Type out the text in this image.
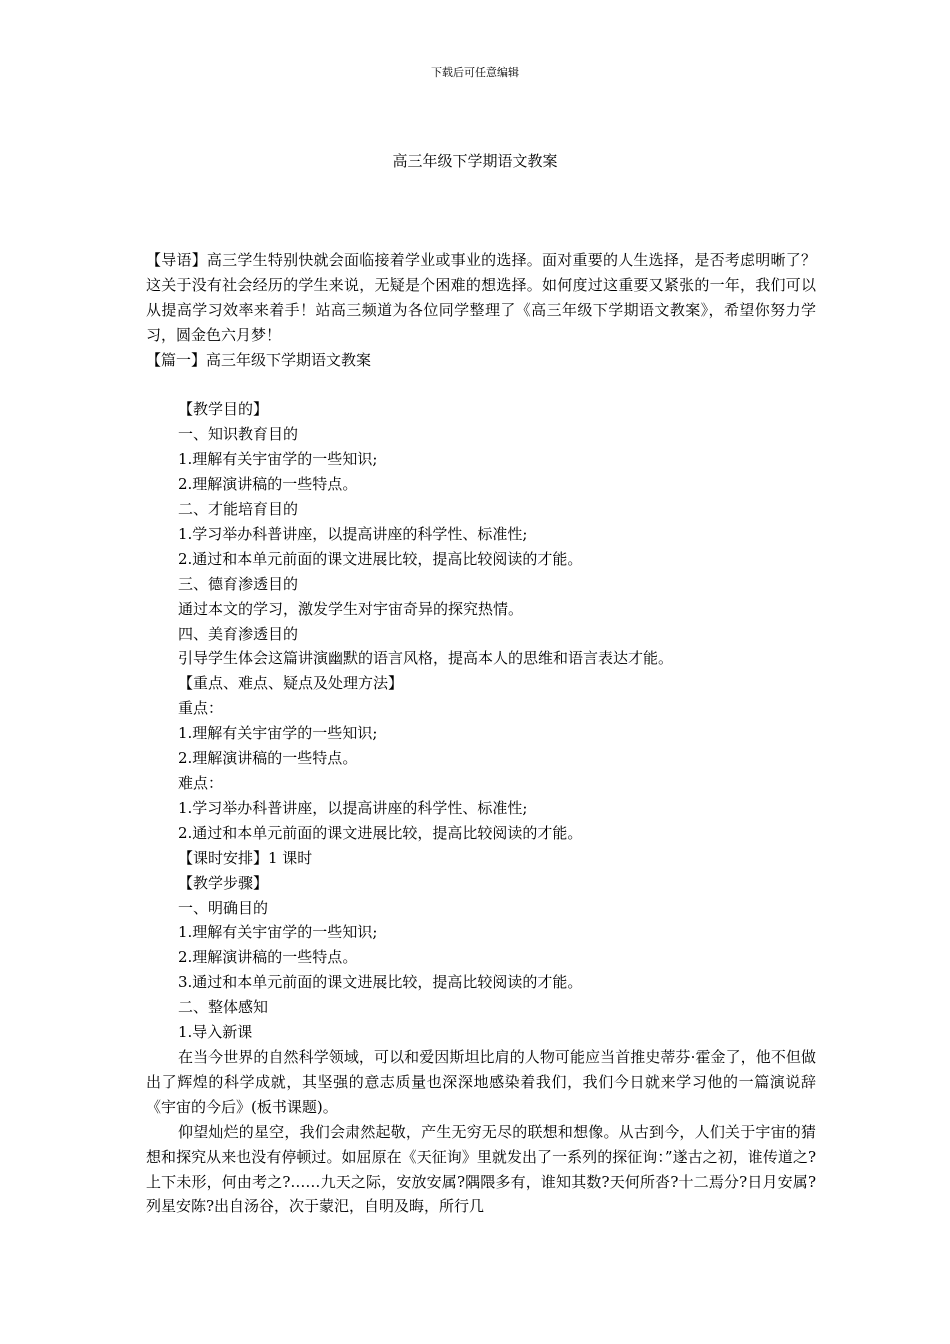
下载后可任意编辑
高三年级下学期语文教案

【导语】高三学生特别快就会面临接着学业或事业的选择。面对重要的人生选择，是否考虑明晰了？这关于没有社会经历的学生来说，无疑是个困难的想选择。如何度过这重要又紧张的一年，我们可以从提高学习效率来着手！站高三频道为各位同学整理了《高三年级下学期语文教案》，希望你努力学习，圆金色六月梦！

【篇一】高三年级下学期语文教案

【教学目的】

一、知识教育目的

1.理解有关宇宙学的一些知识;

2.理解演讲稿的一些特点。

二、才能培育目的

1.学习举办科普讲座，以提高讲座的科学性、标准性;

2.通过和本单元前面的课文进展比较，提高比较阅读的才能。

三、德育渗透目的

通过本文的学习，激发学生对宇宙奇异的探究热情。

四、美育渗透目的

引导学生体会这篇讲演幽默的语言风格，提高本人的思维和语言表达才能。

【重点、难点、疑点及处理方法】

重点：

1.理解有关宇宙学的一些知识;

2.理解演讲稿的一些特点。

难点：

1.学习举办科普讲座，以提高讲座的科学性、标准性;

2.通过和本单元前面的课文进展比较，提高比较阅读的才能。

【课时安排】1 课时

【教学步骤】

一、明确目的

1.理解有关宇宙学的一些知识;

2.理解演讲稿的一些特点。

3.通过和本单元前面的课文进展比较，提高比较阅读的才能。

二、整体感知

1.导入新课

在当今世界的自然科学领域，可以和爱因斯坦比肩的人物可能应当首推史蒂芬·霍金了，他不但做出了辉煌的科学成就，其坚强的意志质量也深深地感染着我们，我们今日就来学习他的一篇演说辞《宇宙的今后》(板书课题)。

仰望灿烂的星空，我们会肃然起敬，产生无穷无尽的联想和想像。从古到今，人们关于宇宙的猜想和探究从来也没有停顿过。如屈原在《天征询》里就发出了一系列的探征询：”遂古之初，谁传道之?上下未形，何由考之?……九天之际，安放安属?隅隈多有，谁知其数?天何所沓?十二焉分?日月安属?列星安陈?出自汤谷，次于蒙汜，自明及晦，所行几
